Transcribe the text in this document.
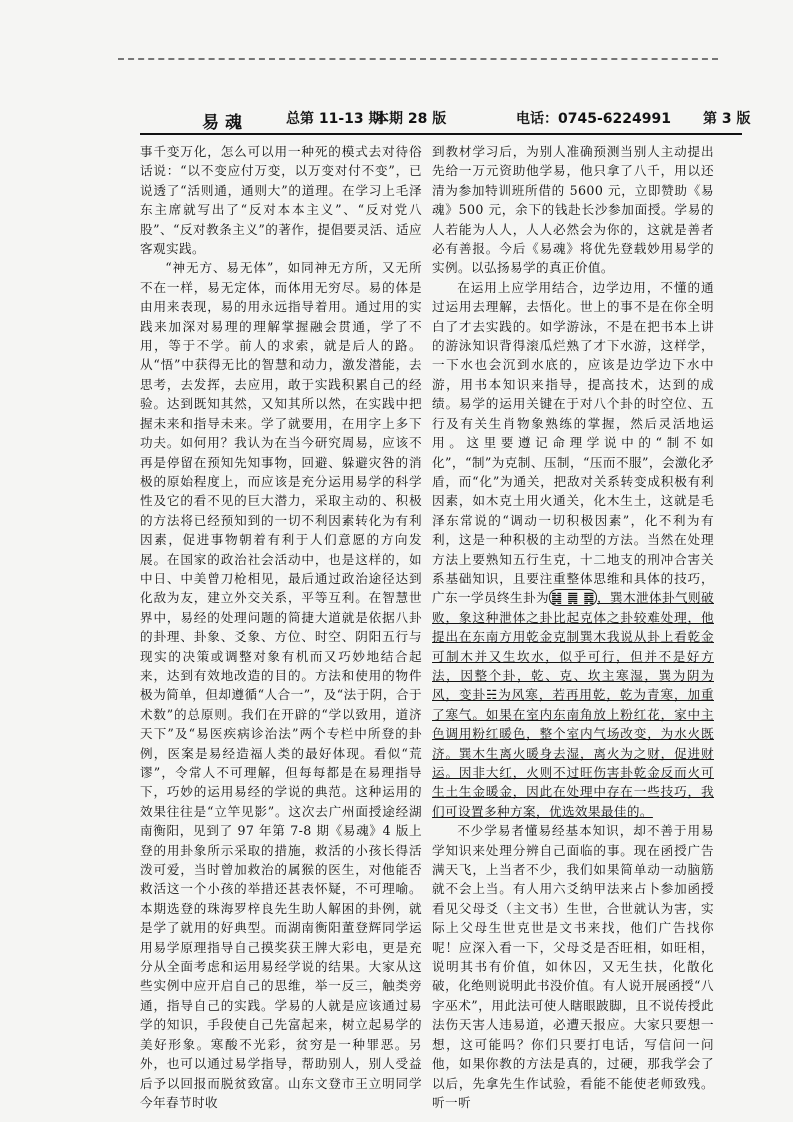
易魂	总第 11-13 期
本期 28 版	电话：0745-6224991 第 3 版

事千变万化，怎么可以用一种死的模式去对待俗话说：“以不变应付万变，以万变对付不变”，已说透了“活则通，通则大”的道理。在学习上毛泽东主席就写出了“反对本本主义”、“反对党八股”、“反对教条主义”的著作，提倡要灵活、适应客观实践。

“神无方、易无体”，如同神无方所，又无所不在一样，易无定体，而体用无穷尽。易的体是由用来表现，易的用永远指导着用。通过用的实践来加深对易理的理解掌握融会贯通，学了不用，等于不学。前人的求索，就是后人的路。从“悟”中获得无比的智慧和动力，激发潜能，去思考，去发挥，去应用，敢于实践积累自己的经验。达到既知其然，又知其所以然，在实践中把握未来和指导未来。学了就要用，在用字上多下功夫。如何用？我认为在当今研究周易，应该不再是停留在预知先知事物，回避、躲避灾咎的消极的原始程度上，而应该是充分运用易学的科学性及它的看不见的巨大潜力，采取主动的、积极的方法将已经预知到的一切不利因素转化为有利因素，促进事物朝着有利于人们意愿的方向发展。在国家的政治社会活动中，也是这样的，如中日、中美曾刀枪相见，最后通过政治途径达到化敌为友，建立外交关系，平等互利。在智慧世界中，易经的处理问题的简捷大道就是依据八卦的卦理、卦象、爻象、方位、时空、阴阳五行与现实的决策或调整对象有机而又巧妙地结合起来，达到有效地改造的目的。方法和使用的物件极为简单，但却遵循“人合一”，及“法于阴，合于术数”的总原则。我们在开辟的“学以致用，道济天下”及“易医疾病诊治法”两个专栏中所登的卦例，医案是易经造福人类的最好体现。看似“荒谬”，令常人不可理解，但每每都是在易理指导下，巧妙的运用易经的学说的典范。这种运用的效果往往是“立竿见影”。这次去广州面授途经湖南衡阳，见到了 97 年第 7-8 期《易魂》4 版上登的用卦象所示采取的措施，救活的小孩长得活泼可爱，当时曾加救治的属猴的医生，对他能否救活这一个小孩的举措还甚表怀疑，不可理喻。本期选登的珠海罗梓良先生助人解困的卦例，就是学了就用的好典型。而湖南衡阳董登辉同学运用易学原理指导自己摸奖获王牌大彩电，更是充分从全面考虑和运用易经学说的结果。大家从这些实例中应开启自己的思维，举一反三，触类旁通，指导自己的实践。学易的人就是应该通过易学的知识，手段使自己先富起来，树立起易学的美好形象。寒酸不光彩，贫穷是一种罪恶。另外，也可以通过易学指导，帮助别人，别人受益后予以回报而脱贫致富。山东文登市王立明同学今年春节时收

到教材学习后，为别人准确预测当别人主动提出先给一万元资助他学易，他只拿了八千，用以还清为参加特训班所借的 5600 元，立即赞助《易魂》500 元，余下的钱赴长沙参加面授。学易的人若能为人人，人人必然会为你的，这就是善者必有善报。今后《易魂》将优先登载妙用易学的实例。以弘扬易学的真正价值。

在运用上应学用结合，边学边用，不懂的通过运用去理解，去悟化。世上的事不是在你全明白了才去实践的。如学游泳，不是在把书本上讲的游泳知识背得滚瓜烂熟了才下水游，这样学，一下水也会沉到水底的，应该是边学边下水中游，用书本知识来指导，提高技术，达到的成绩。易学的运用关键在于对八个卦的时空位、五行及有关生肖物象熟练的掌握，然后灵活地运用。这里要遵记命理学说中的“制不如化”，“制”为克制、压制，“压而不服”，会激化矛盾，而“化”为通关，把敌对关系转变成积极有利因素，如木克土用火通关，化木生土，这就是毛泽东常说的“调动一切积极因素”，化不利为有利，这是一种积极的主动型的方法。当然在处理方法上要熟知五行生克，十二地支的刑冲合害关系基础知识，且要注重整体思维和具体的技巧，广东一学员终生卦为 ䷯ ䷫ ䷸ ，巽木泄体卦气则破败，象这种泄体之卦比起克体之卦较难处理，他提出在东南方用乾金克制巽木我说从卦上看乾金可制木并又生坎水，似乎可行，但并不是好方法，因整个卦，乾、克、坎主寒湿，巽为阴为风，变卦☵为风寒，若再用乾，乾为青寒，加重了寒气。如果在室内东南角放上粉红花，家中主色调用粉红暖色，整个室内气场改变，为水火既济。巽木生离火暖身去湿，离火为之财，促进财运。因非大红，火则不过旺伤害卦乾金反而火可生土生金暖金，因此在处理中存在一些技巧，我们可设置多种方案，优选效果最佳的。

不少学易者懂易经基本知识，却不善于用易学知识来处理分辨自己面临的事。现在函授广告满天飞，上当者不少，我们如果简单动一动脑筋就不会上当。有人用六爻纳甲法来占卜参加函授看见父母爻（主文书）生世，合世就认为害，实际上父母生世克世是文书来找，他们广告找你呢！应深入看一下，父母爻是否旺相，如旺相，说明其书有价值，如休囚，又无生扶，化散化破，化绝则说明此书没价值。有人说开展函授“八字巫术”，用此法可使人瞎眼跛脚，且不说传授此法伤天害人违易道，必遭天报应。大家只要想一想，这可能吗？你们只要打电话，写信问一问他，如果你教的方法是真的，过硬，那我学会了以后，先拿先生作试验，看能不能使老师致残。听一听
